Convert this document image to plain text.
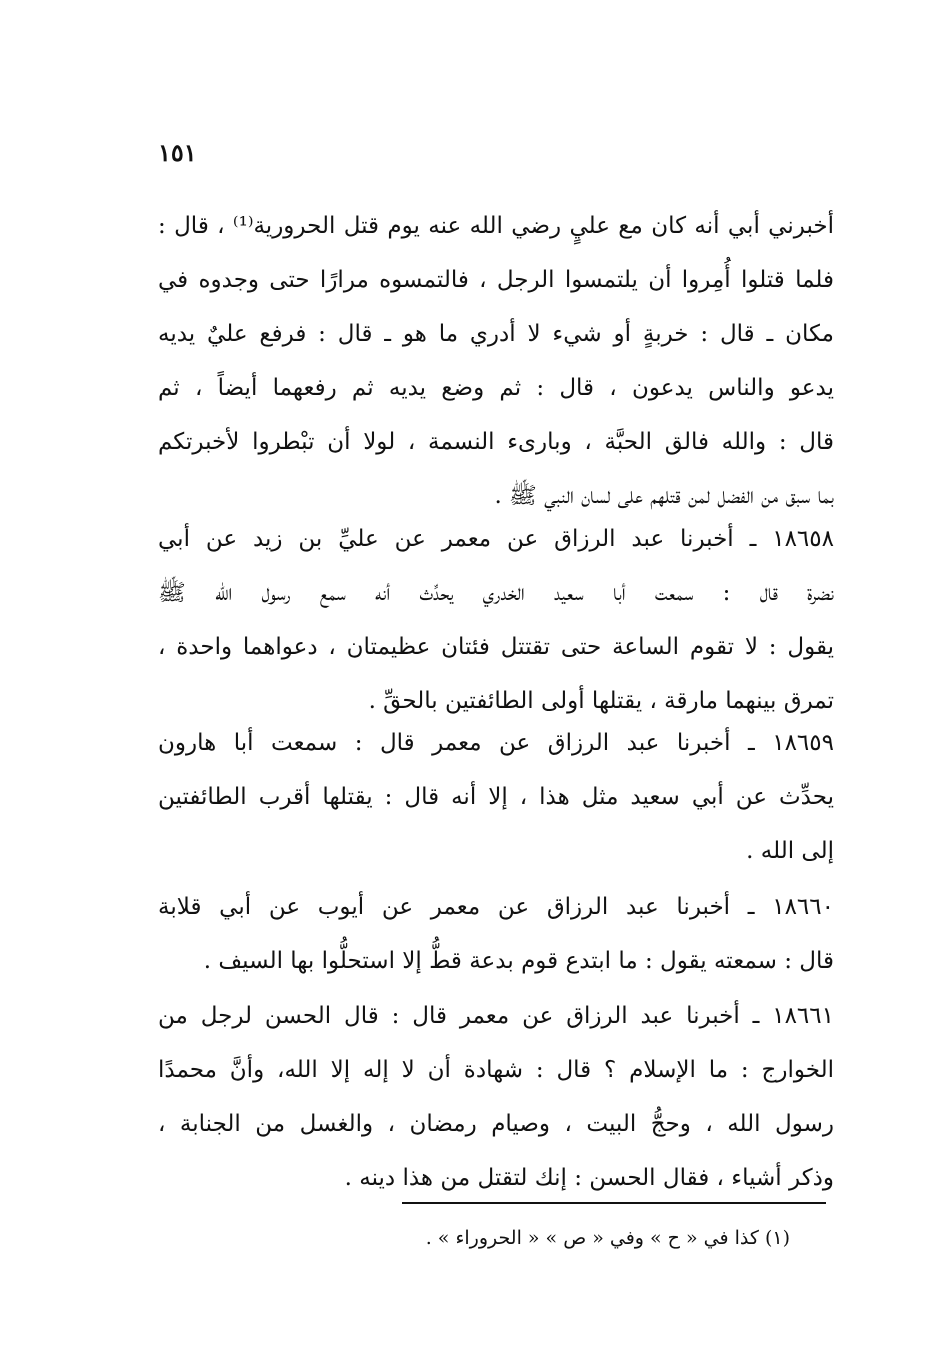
١٥١
أخبرني أبي أنه كان مع عليٍ رضي الله عنه يوم قتل الحرورية⁽¹⁾ ، قال :
فلما قتلوا أُمِروا أن يلتمسوا الرجل ، فالتمسوه مرارًا حتى وجدوه في
مكان ـ قال : خربةٍ أو شيء لا أدري ما هو ـ قال : فرفع عليٌ يديه
يدعو والناس يدعون ، قال : ثم وضع يديه ثم رفعهما أيضاً ، ثم
قال : والله فالق الحبَّة ، وبارىء النسمة ، لولا أن تبْطروا لأخبرتكم
بما سبق من الفضل لمن قتلهم على لسان النبي ﷺ .
١٨٦٥٨ ـ أخبرنا عبد الرزاق عن معمر عن عليِّ بن زيد عن أبي
نضرة قال : سمعت أبا سعيد الخدري يحدِّث أنه سمع رسول الله ﷺ
يقول : لا تقوم الساعة حتى تقتتل فئتان عظيمتان ، دعواهما واحدة ،
تمرق بينهما مارقة ، يقتلها أولى الطائفتين بالحقِّ .
١٨٦٥٩ ـ أخبرنا عبد الرزاق عن معمر قال : سمعت أبا هارون
يحدِّث عن أبي سعيد مثل هذا ، إلا أنه قال : يقتلها أقرب الطائفتين
إلى الله .
١٨٦٦٠ ـ أخبرنا عبد الرزاق عن معمر عن أيوب عن أبي قلابة
قال : سمعته يقول : ما ابتدع قوم بدعة قطُّ إلا استحلُّوا بها السيف .
١٨٦٦١ ـ أخبرنا عبد الرزاق عن معمر قال : قال الحسن لرجل من
الخوارج : ما الإسلام ؟ قال : شهادة أن لا إله إلا الله، وأنَّ محمدًا
رسول الله ، وحجُّ البيت ، وصيام رمضان ، والغسل من الجنابة ،
وذكر أشياء ، فقال الحسن : إنك لتقتل من هذا دينه .
(١) كذا في « ح » وفي « ص » « الحروراء » .
